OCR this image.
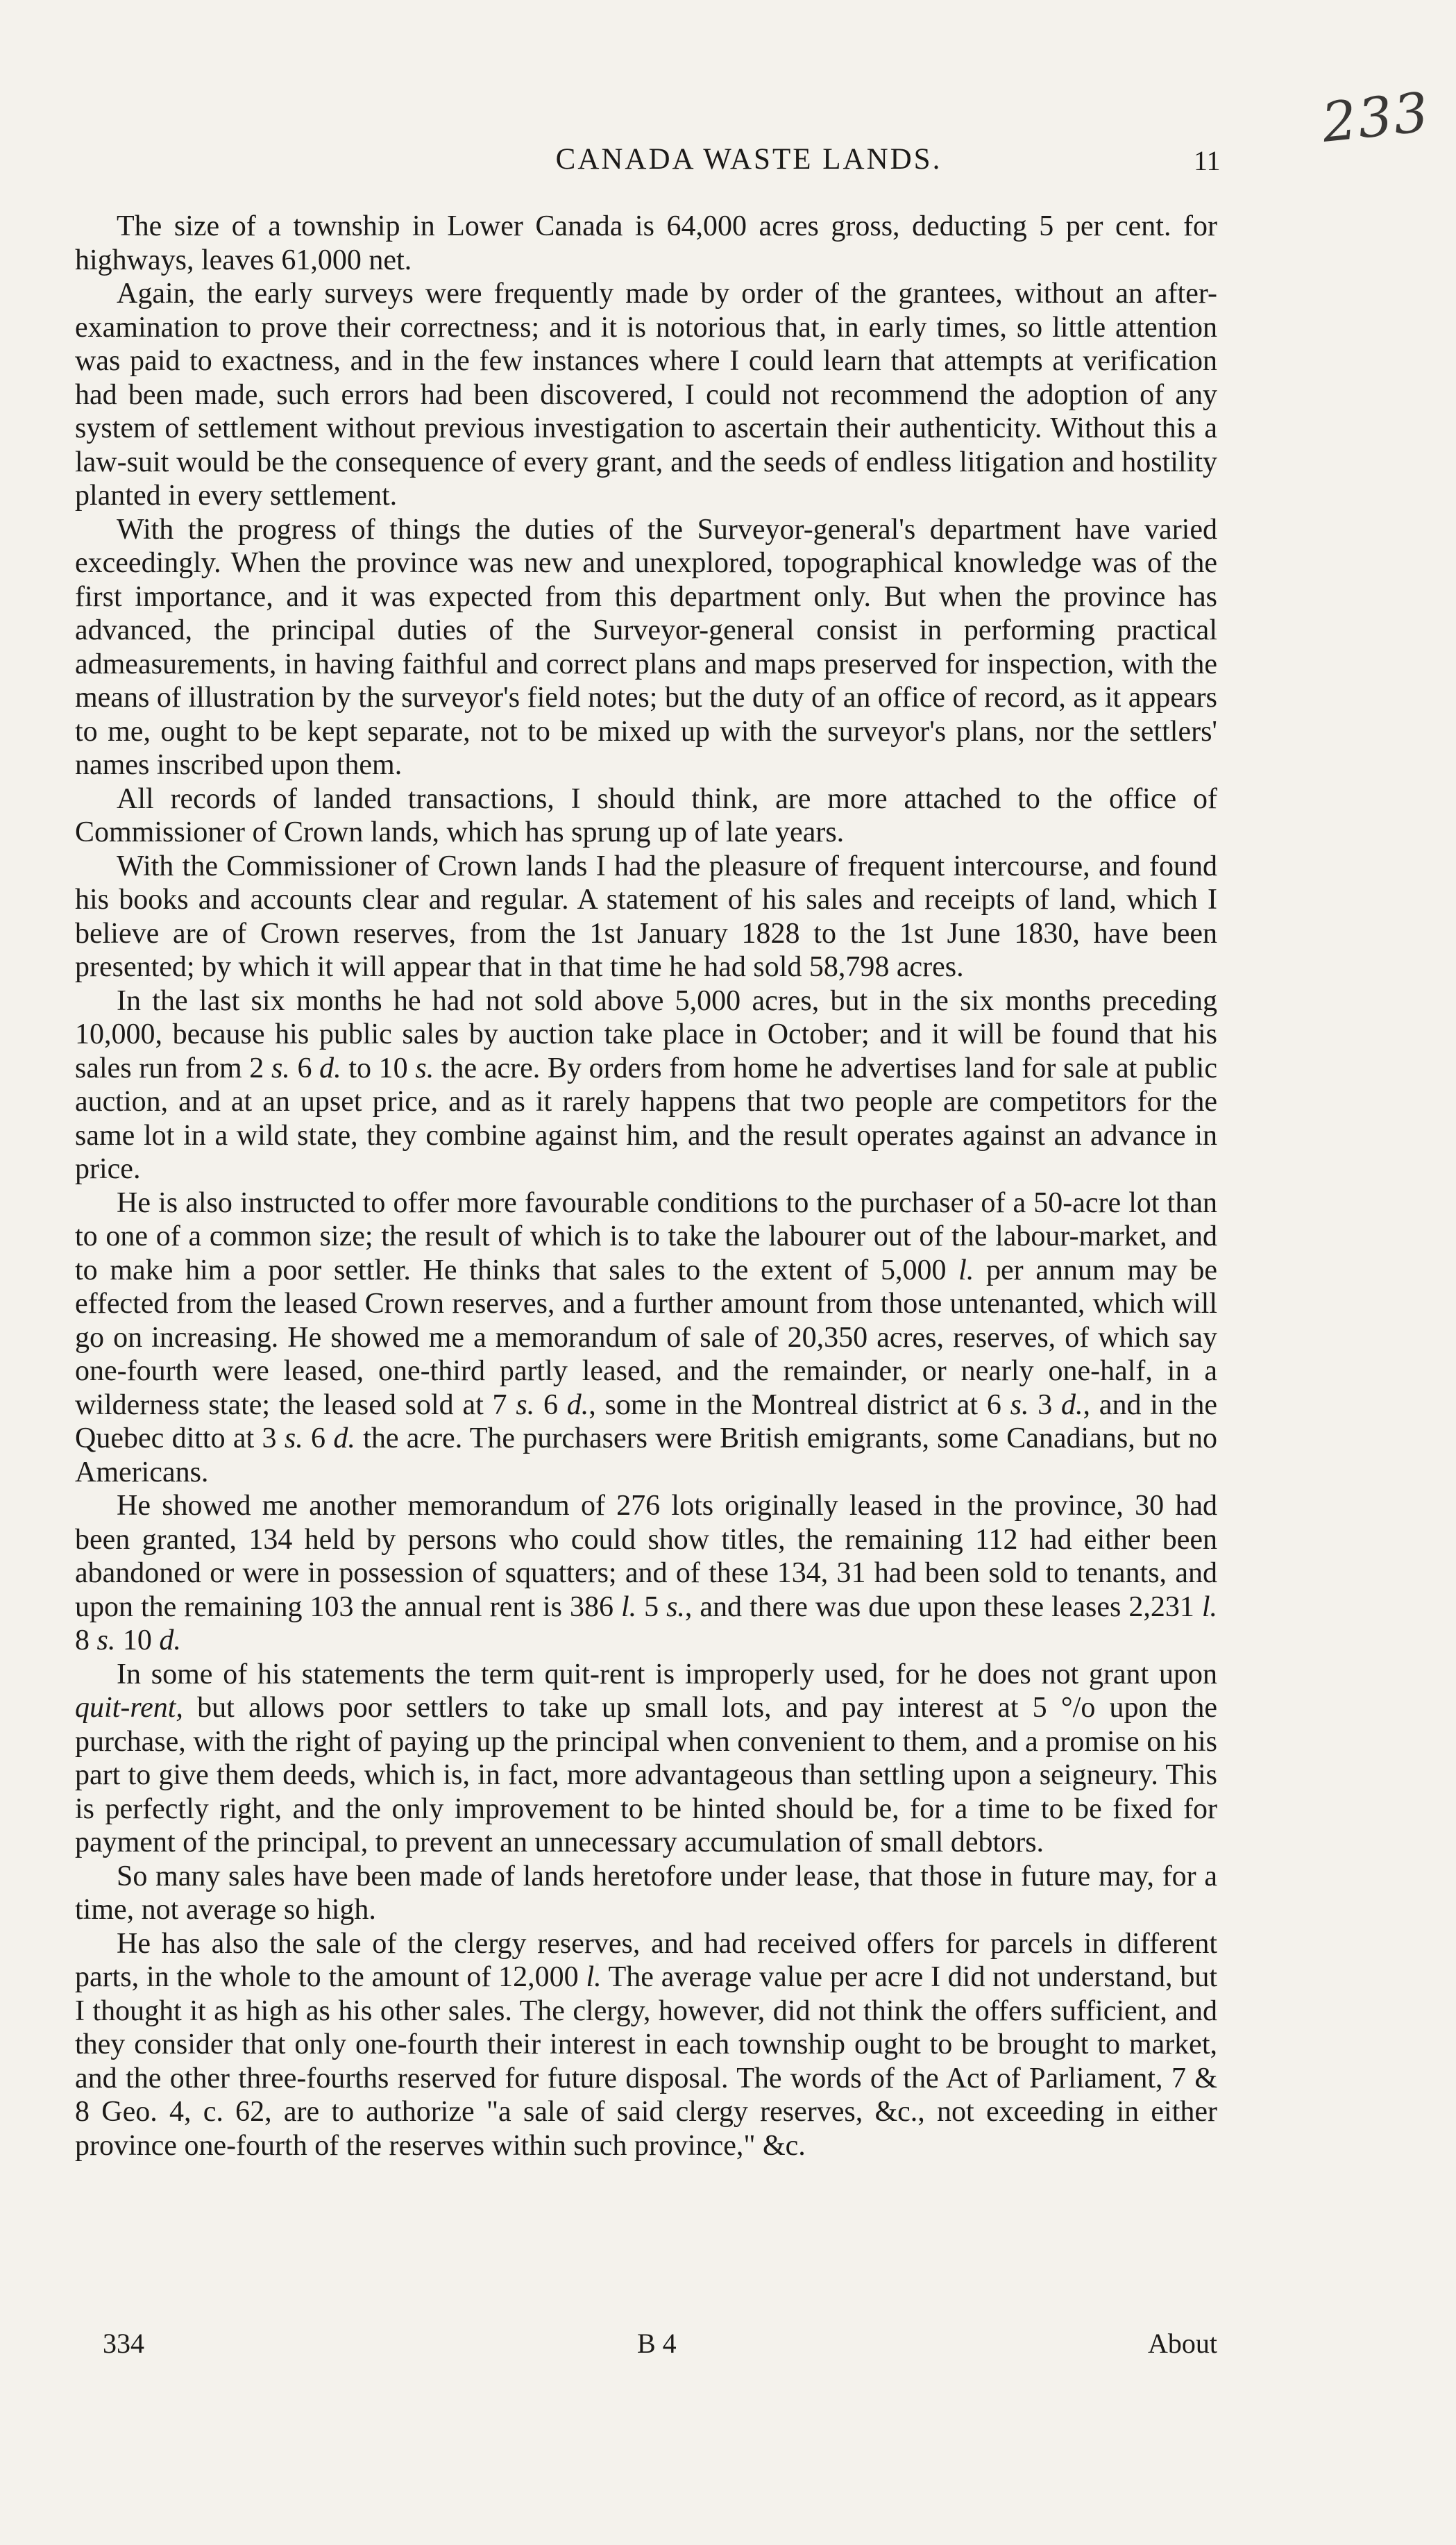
233
CANADA WASTE LANDS.	11

The size of a township in Lower Canada is 64,000 acres gross, deducting 5 per cent. for highways, leaves 61,000 net.

Again, the early surveys were frequently made by order of the grantees, without an after-examination to prove their correctness; and it is notorious that, in early times, so little attention was paid to exactness, and in the few instances where I could learn that attempts at verification had been made, such errors had been discovered, I could not recommend the adoption of any system of settlement without previous investigation to ascertain their authenticity. Without this a law-suit would be the consequence of every grant, and the seeds of endless litigation and hostility planted in every settlement.

With the progress of things the duties of the Surveyor-general's department have varied exceedingly. When the province was new and unexplored, topographical knowledge was of the first importance, and it was expected from this department only. But when the province has advanced, the principal duties of the Surveyor-general consist in performing practical admeasurements, in having faithful and correct plans and maps preserved for inspection, with the means of illustration by the surveyor's field notes; but the duty of an office of record, as it appears to me, ought to be kept separate, not to be mixed up with the surveyor's plans, nor the settlers' names inscribed upon them.

All records of landed transactions, I should think, are more attached to the office of Commissioner of Crown lands, which has sprung up of late years.

With the Commissioner of Crown lands I had the pleasure of frequent intercourse, and found his books and accounts clear and regular. A statement of his sales and receipts of land, which I believe are of Crown reserves, from the 1st January 1828 to the 1st June 1830, have been presented; by which it will appear that in that time he had sold 58,798 acres.

In the last six months he had not sold above 5,000 acres, but in the six months preceding 10,000, because his public sales by auction take place in October; and it will be found that his sales run from 2 s. 6 d. to 10 s. the acre. By orders from home he advertises land for sale at public auction, and at an upset price, and as it rarely happens that two people are competitors for the same lot in a wild state, they combine against him, and the result operates against an advance in price.

He is also instructed to offer more favourable conditions to the purchaser of a 50-acre lot than to one of a common size; the result of which is to take the labourer out of the labour-market, and to make him a poor settler. He thinks that sales to the extent of 5,000 l. per annum may be effected from the leased Crown reserves, and a further amount from those untenanted, which will go on increasing. He showed me a memorandum of sale of 20,350 acres, reserves, of which say one-fourth were leased, one-third partly leased, and the remainder, or nearly one-half, in a wilderness state; the leased sold at 7 s. 6 d., some in the Montreal district at 6 s. 3 d., and in the Quebec ditto at 3 s. 6 d. the acre. The purchasers were British emigrants, some Canadians, but no Americans.

He showed me another memorandum of 276 lots originally leased in the province, 30 had been granted, 134 held by persons who could show titles, the remaining 112 had either been abandoned or were in possession of squatters; and of these 134, 31 had been sold to tenants, and upon the remaining 103 the annual rent is 386 l. 5 s., and there was due upon these leases 2,231 l. 8 s. 10 d.

In some of his statements the term quit-rent is improperly used, for he does not grant upon quit-rent, but allows poor settlers to take up small lots, and pay interest at 5 °/o upon the purchase, with the right of paying up the principal when convenient to them, and a promise on his part to give them deeds, which is, in fact, more advantageous than settling upon a seigneury. This is perfectly right, and the only improvement to be hinted should be, for a time to be fixed for payment of the principal, to prevent an unnecessary accumulation of small debtors.

So many sales have been made of lands heretofore under lease, that those in future may, for a time, not average so high.

He has also the sale of the clergy reserves, and had received offers for parcels in different parts, in the whole to the amount of 12,000 l. The average value per acre I did not understand, but I thought it as high as his other sales. The clergy, however, did not think the offers sufficient, and they consider that only one-fourth their interest in each township ought to be brought to market, and the other three-fourths reserved for future disposal. The words of the Act of Parliament, 7 & 8 Geo. 4, c. 62, are to authorize "a sale of said clergy reserves, &c., not exceeding in either province one-fourth of the reserves within such province," &c.

334	B 4	About
